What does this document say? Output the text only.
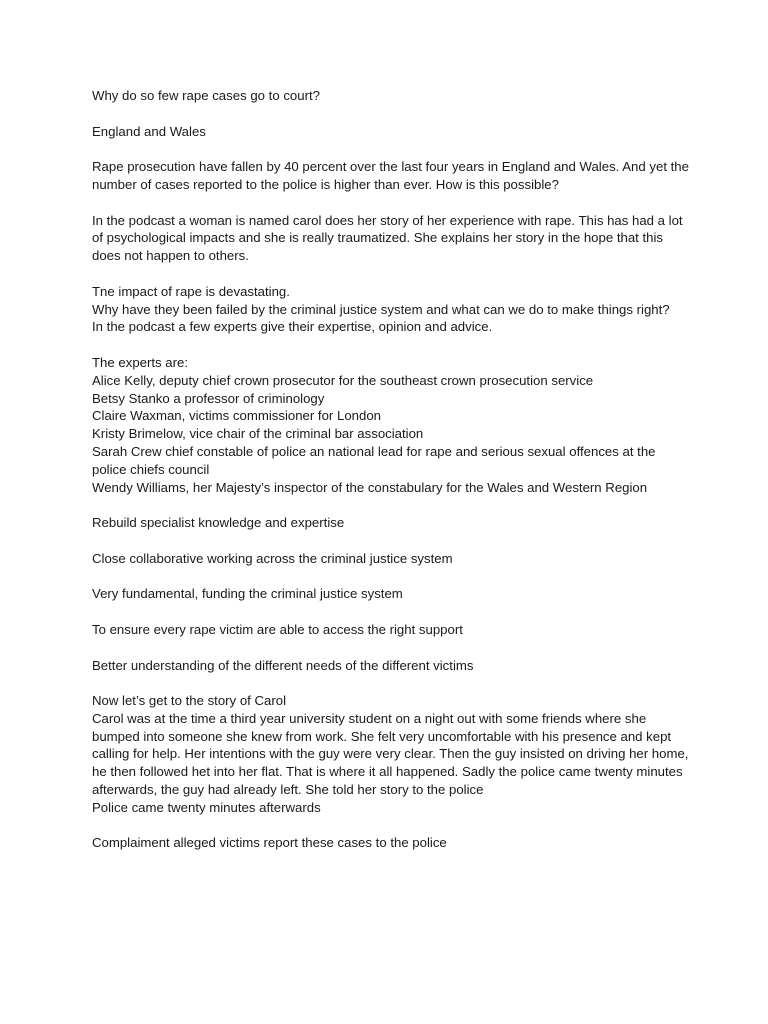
Why do so few rape cases go to court?

England and Wales

Rape prosecution have fallen by 40 percent over the last four years in England and Wales. And yet the number of cases reported to the police is higher than ever. How is this possible?

In the podcast a woman is named carol does her story of her experience with rape. This has had a lot of psychological impacts and she is really traumatized. She explains her story in the hope that this does not happen to others.

Tne impact of rape is devastating.
Why have they been failed by the criminal justice system and what can we do to make things right?
In the podcast a few experts give their expertise, opinion and advice.

The experts are:
Alice Kelly, deputy chief crown prosecutor for the southeast crown prosecution service
Betsy Stanko a professor of criminology
Claire Waxman, victims commissioner for London
Kristy Brimelow, vice chair of the criminal bar association
Sarah Crew chief constable of police an national lead for rape and serious sexual offences at the police chiefs council
Wendy Williams, her Majesty’s inspector of the constabulary for the Wales and Western Region

Rebuild specialist knowledge and expertise

Close collaborative working across the criminal justice system

Very fundamental, funding the criminal justice system

To ensure every rape victim are able to access the right support

Better understanding of the different needs of the different victims

Now let’s get to the story of Carol
Carol was at the time a third year university student on a night out with some friends where she bumped into someone she knew from work. She felt very uncomfortable with his presence and kept calling for help. Her intentions with the guy were very clear. Then the guy insisted on driving her home, he then followed het into her flat. That is where it all happened. Sadly the police came twenty minutes afterwards, the guy had already left. She told her story to the police
Police came twenty minutes afterwards

Complaiment alleged victims report these cases to the police
